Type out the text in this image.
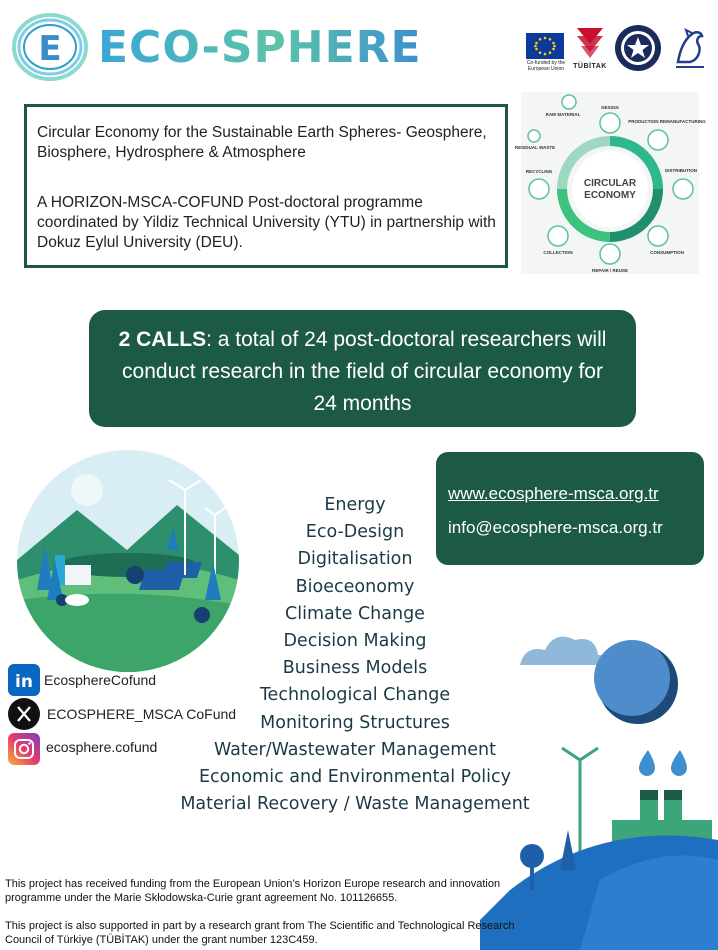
E ECO-SPHERE	Co-funded by the European Union	TÜBİTAK
Circular Economy for the Sustainable Earth Spheres- Geosphere, Biosphere, Hydrosphere & Atmosphere
A HORIZON-MSCA-COFUND Post-doctoral programme coordinated by Yildiz Technical University (YTU) in partnership with Dokuz Eylul University (DEU).
CIRCULAR
ECONOMY
RAW MATERIAL
DESIGN
PRODUCTION REMANUFACTURING
DISTRIBUTION
CONSUMPTION
REPAIR / REUSE
COLLECTION
RECYCLING
RESIDUAL WASTE
2 CALLS: a total of 24 post-doctoral researchers will conduct research in the field of circular economy for 24 months
www.ecosphere-msca.org.tr
info@ecosphere-msca.org.tr
Energy
Eco-Design
Digitalisation
Bioeceonomy
Climate Change
Decision Making
Business Models
Technological Change
Monitoring Structures
Water/Wastewater Management
Economic and Environmental Policy
Material Recovery / Waste Management
in EcosphereCofund
ECOSPHERE_MSCA CoFund
ecosphere.cofund
This project has received funding from the European Union’s Horizon Europe research and innovation programme under the Marie Skłodowska-Curie grant agreement No. 101126655.
This project is also supported in part by a research grant from The Scientific and Technological Research Council of Türkiye (TÜBİTAK) under the grant number 123C459.
